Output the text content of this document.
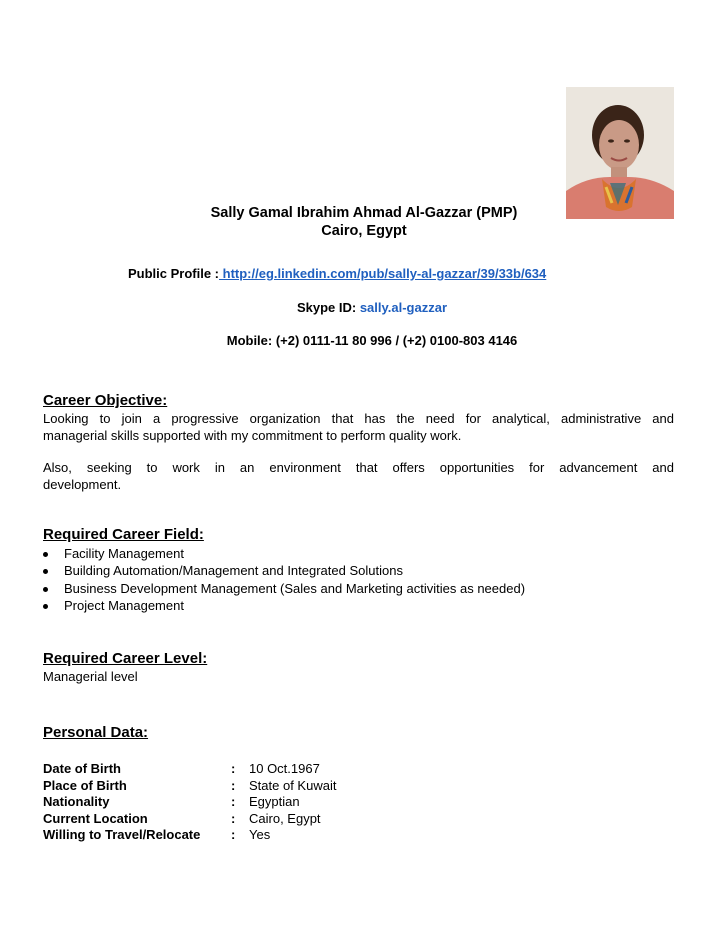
Sally Gamal Ibrahim Ahmad Al-Gazzar (PMP)
Cairo, Egypt
Public Profile : http://eg.linkedin.com/pub/sally-al-gazzar/39/33b/634
Skype ID: sally.al-gazzar
Mobile: (+2) 0111-11 80 996 / (+2) 0100-803 4146
Career Objective:
Looking to join a progressive organization that has the need for analytical, administrative and
managerial skills supported with my commitment to perform quality work.
Also, seeking to work in an environment that offers opportunities for advancement and
development.
Required Career Field:
Facility Management
Building Automation/Management and Integrated Solutions
Business Development Management (Sales and Marketing activities as needed)
Project Management
Required Career Level:
Managerial level
Personal Data:
Date of Birth	:	10 Oct.1967
Place of Birth	:	State of Kuwait
Nationality	:	Egyptian
Current Location	:	Cairo, Egypt
Willing to Travel/Relocate	:	Yes
